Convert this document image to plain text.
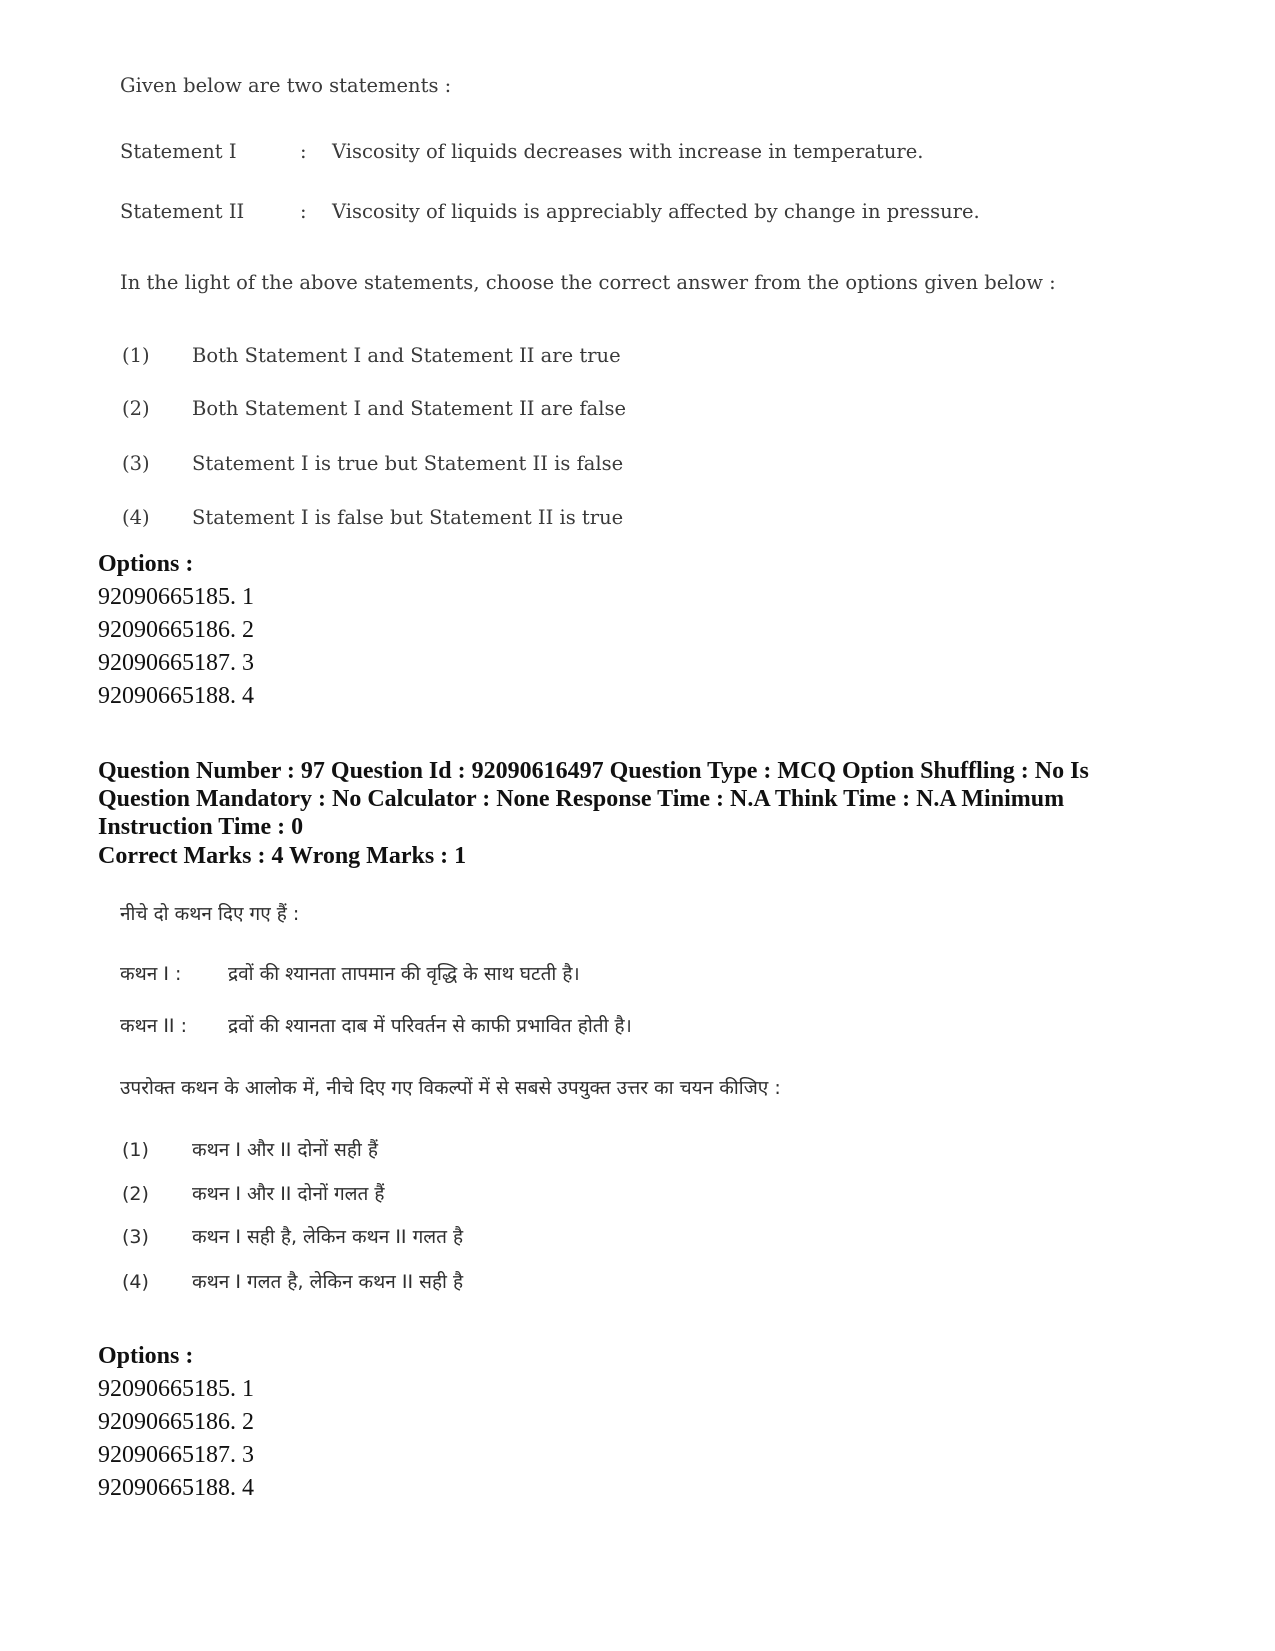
Given below are two statements :
Statement I	: Viscosity of liquids decreases with increase in temperature.
Statement II	: Viscosity of liquids is appreciably affected by change in pressure.
In the light of the above statements, choose the correct answer from the options given below :
(1) Both Statement I and Statement II are true
(2) Both Statement I and Statement II are false
(3) Statement I is true but Statement II is false
(4) Statement I is false but Statement II is true
Options :
92090665185. 1
92090665186. 2
92090665187. 3
92090665188. 4
Question Number : 97 Question Id : 92090616497 Question Type : MCQ Option Shuffling : No Is Question Mandatory : No Calculator : None Response Time : N.A Think Time : N.A Minimum Instruction Time : 0
Correct Marks : 4 Wrong Marks : 1
नीचे दो कथन दिए गए हैं :
कथन I : द्रवों की श्यानता तापमान की वृद्धि के साथ घटती है।
कथन II : द्रवों की श्यानता दाब में परिवर्तन से काफी प्रभावित होती है।
उपरोक्त कथन के आलोक में, नीचे दिए गए विकल्पों में से सबसे उपयुक्त उत्तर का चयन कीजिए :
(1) कथन I और II दोनों सही हैं
(2) कथन I और II दोनों गलत हैं
(3) कथन I सही है, लेकिन कथन II गलत है
(4) कथन I गलत है, लेकिन कथन II सही है
Options :
92090665185. 1
92090665186. 2
92090665187. 3
92090665188. 4
